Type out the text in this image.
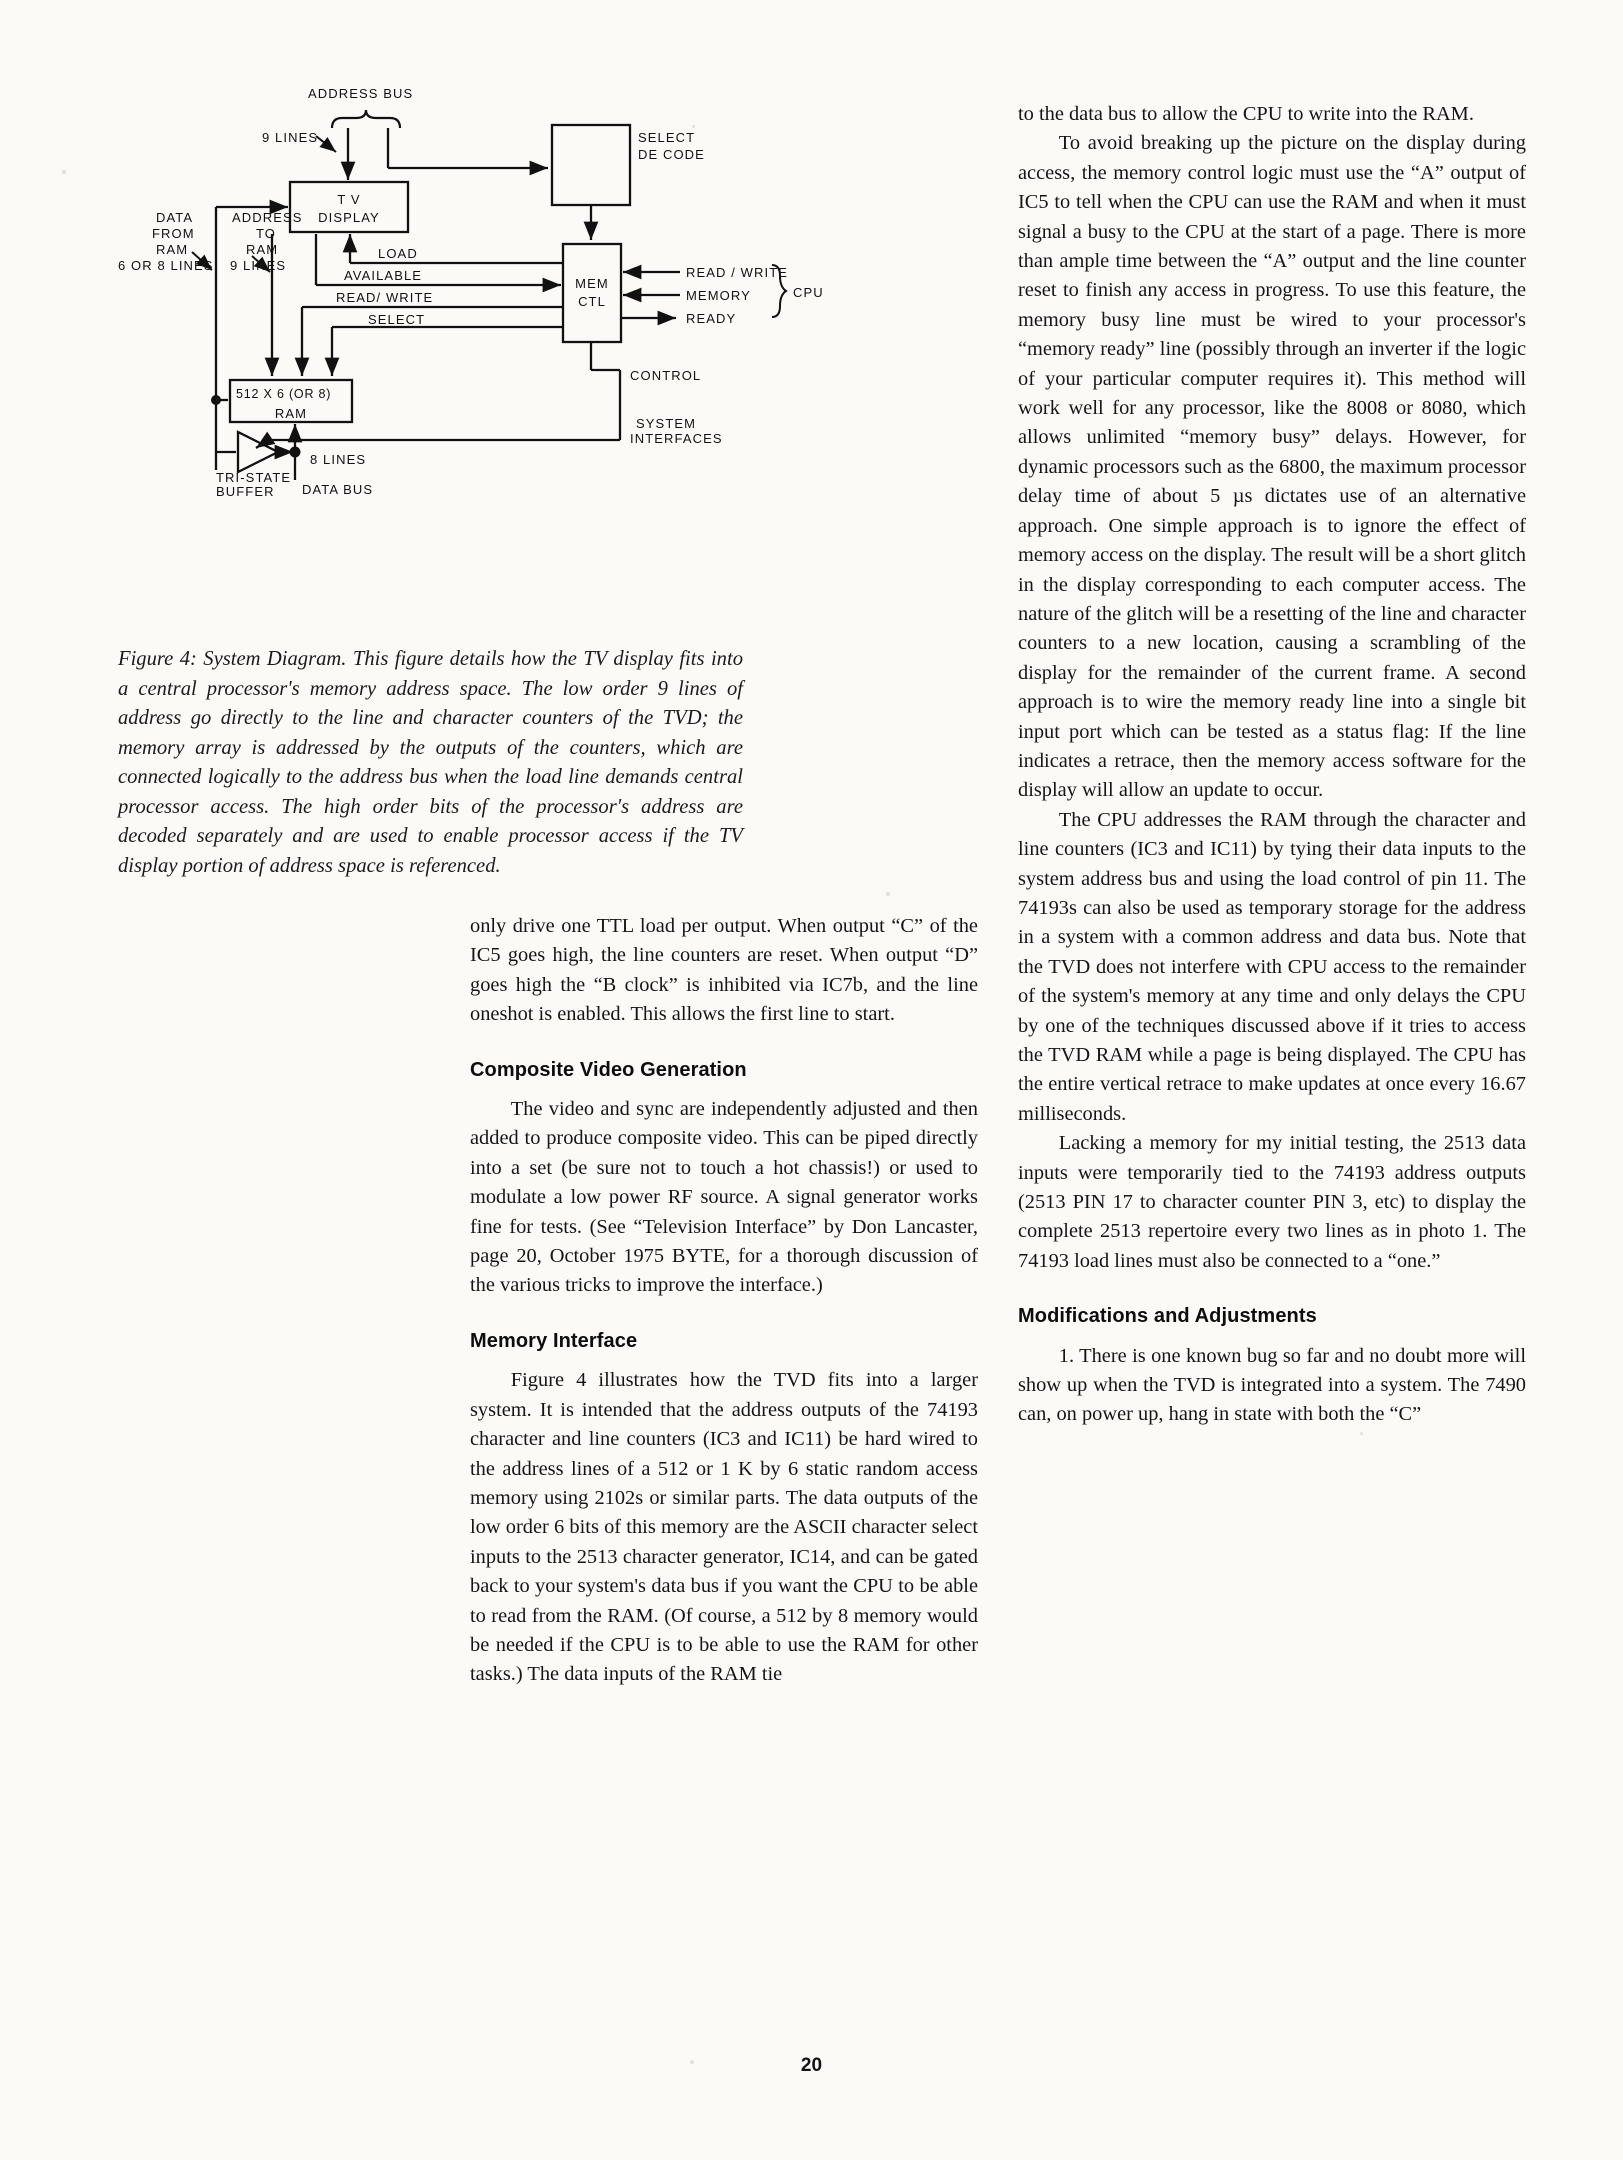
ADDRESS BUS
9 LINES
T V
DISPLAY
SELECT
DE CODE
MEM
CTL
512 X 6 (OR 8)
RAM
DATA
FROM
RAM
6 OR 8 LINES
ADDRESS
TO
RAM
9 LINES
LOAD
AVAILABLE
READ/ WRITE
SELECT
READ / WRITE
MEMORY
READY
CPU
CONTROL
SYSTEM
INTERFACES
TRI-STATE
BUFFER
8 LINES
DATA BUS
Figure 4: System Diagram. This figure details how the TV display fits into a central processor's memory address space. The low order 9 lines of address go directly to the line and character counters of the TVD; the memory array is addressed by the outputs of the counters, which are connected logically to the address bus when the load line demands central processor access. The high order bits of the processor's address are decoded separately and are used to enable processor access if the TV display portion of address space is referenced.

only drive one TTL load per output. When output “C” of the IC5 goes high, the line counters are reset. When output “D” goes high the “B clock” is inhibited via IC7b, and the line oneshot is enabled. This allows the first line to start.

Composite Video Generation

The video and sync are independently adjusted and then added to produce composite video. This can be piped directly into a set (be sure not to touch a hot chassis!) or used to modulate a low power RF source. A signal generator works fine for tests. (See “Television Interface” by Don Lancaster, page 20, October 1975 BYTE, for a thorough discussion of the various tricks to improve the interface.)

Memory Interface

Figure 4 illustrates how the TVD fits into a larger system. It is intended that the address outputs of the 74193 character and line counters (IC3 and IC11) be hard wired to the address lines of a 512 or 1 K by 6 static random access memory using 2102s or similar parts. The data outputs of the low order 6 bits of this memory are the ASCII character select inputs to the 2513 character generator, IC14, and can be gated back to your system's data bus if you want the CPU to be able to read from the RAM. (Of course, a 512 by 8 memory would be needed if the CPU is to be able to use the RAM for other tasks.) The data inputs of the RAM tie

to the data bus to allow the CPU to write into the RAM.

To avoid breaking up the picture on the display during access, the memory control logic must use the “A” output of IC5 to tell when the CPU can use the RAM and when it must signal a busy to the CPU at the start of a page. There is more than ample time between the “A” output and the line counter reset to finish any access in progress. To use this feature, the memory busy line must be wired to your processor's “memory ready” line (possibly through an inverter if the logic of your particular computer requires it). This method will work well for any processor, like the 8008 or 8080, which allows unlimited “memory busy” delays. However, for dynamic processors such as the 6800, the maximum processor delay time of about 5 µs dictates use of an alternative approach. One simple approach is to ignore the effect of memory access on the display. The result will be a short glitch in the display corresponding to each computer access. The nature of the glitch will be a resetting of the line and character counters to a new location, causing a scrambling of the display for the remainder of the current frame. A second approach is to wire the memory ready line into a single bit input port which can be tested as a status flag: If the line indicates a retrace, then the memory access software for the display will allow an update to occur.

The CPU addresses the RAM through the character and line counters (IC3 and IC11) by tying their data inputs to the system address bus and using the load control of pin 11. The 74193s can also be used as temporary storage for the address in a system with a common address and data bus. Note that the TVD does not interfere with CPU access to the remainder of the system's memory at any time and only delays the CPU by one of the techniques discussed above if it tries to access the TVD RAM while a page is being displayed. The CPU has the entire vertical retrace to make updates at once every 16.67 milliseconds.

Lacking a memory for my initial testing, the 2513 data inputs were temporarily tied to the 74193 address outputs (2513 PIN 17 to character counter PIN 3, etc) to display the complete 2513 repertoire every two lines as in photo 1. The 74193 load lines must also be connected to a “one.”

Modifications and Adjustments

1. There is one known bug so far and no doubt more will show up when the TVD is integrated into a system. The 7490 can, on power up, hang in state with both the “C”

20
